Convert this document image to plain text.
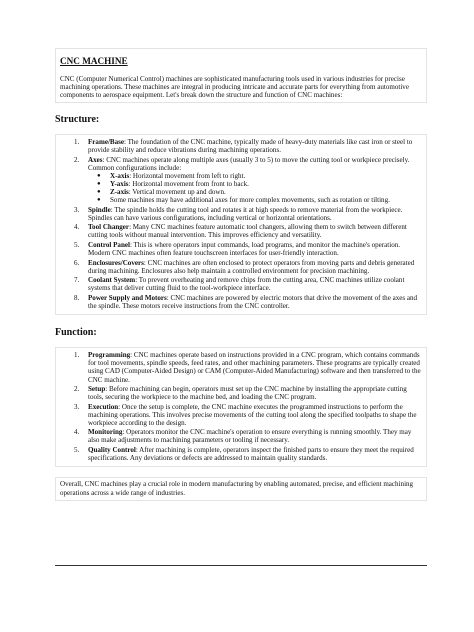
CNC MACHINE

CNC (Computer Numerical Control) machines are sophisticated manufacturing tools used in various industries for precise machining operations. These machines are integral in producing intricate and accurate parts for everything from automotive components to aerospace equipment. Let's break down the structure and function of CNC machines:

Structure:

1. Frame/Base: The foundation of the CNC machine, typically made of heavy-duty materials like cast iron or steel to provide stability and reduce vibrations during machining operations.
2. Axes: CNC machines operate along multiple axes (usually 3 to 5) to move the cutting tool or workpiece precisely. Common configurations include:
● X-axis: Horizontal movement from left to right.
● Y-axis: Horizontal movement from front to back.
● Z-axis: Vertical movement up and down.
● Some machines may have additional axes for more complex movements, such as rotation or tilting.
3. Spindle: The spindle holds the cutting tool and rotates it at high speeds to remove material from the workpiece. Spindles can have various configurations, including vertical or horizontal orientations.
4. Tool Changer: Many CNC machines feature automatic tool changers, allowing them to switch between different cutting tools without manual intervention. This improves efficiency and versatility.
5. Control Panel: This is where operators input commands, load programs, and monitor the machine's operation. Modern CNC machines often feature touchscreen interfaces for user-friendly interaction.
6. Enclosures/Covers: CNC machines are often enclosed to protect operators from moving parts and debris generated during machining. Enclosures also help maintain a controlled environment for precision machining.
7. Coolant System: To prevent overheating and remove chips from the cutting area, CNC machines utilize coolant systems that deliver cutting fluid to the tool-workpiece interface.
8. Power Supply and Motors: CNC machines are powered by electric motors that drive the movement of the axes and the spindle. These motors receive instructions from the CNC controller.

Function:

1. Programming: CNC machines operate based on instructions provided in a CNC program, which contains commands for tool movements, spindle speeds, feed rates, and other machining parameters. These programs are typically created using CAD (Computer-Aided Design) or CAM (Computer-Aided Manufacturing) software and then transferred to the CNC machine.
2. Setup: Before machining can begin, operators must set up the CNC machine by installing the appropriate cutting tools, securing the workpiece to the machine bed, and loading the CNC program.
3. Execution: Once the setup is complete, the CNC machine executes the programmed instructions to perform the machining operations. This involves precise movements of the cutting tool along the specified toolpaths to shape the workpiece according to the design.
4. Monitoring: Operators monitor the CNC machine's operation to ensure everything is running smoothly. They may also make adjustments to machining parameters or tooling if necessary.
5. Quality Control: After machining is complete, operators inspect the finished parts to ensure they meet the required specifications. Any deviations or defects are addressed to maintain quality standards.

Overall, CNC machines play a crucial role in modern manufacturing by enabling automated, precise, and efficient machining operations across a wide range of industries.
